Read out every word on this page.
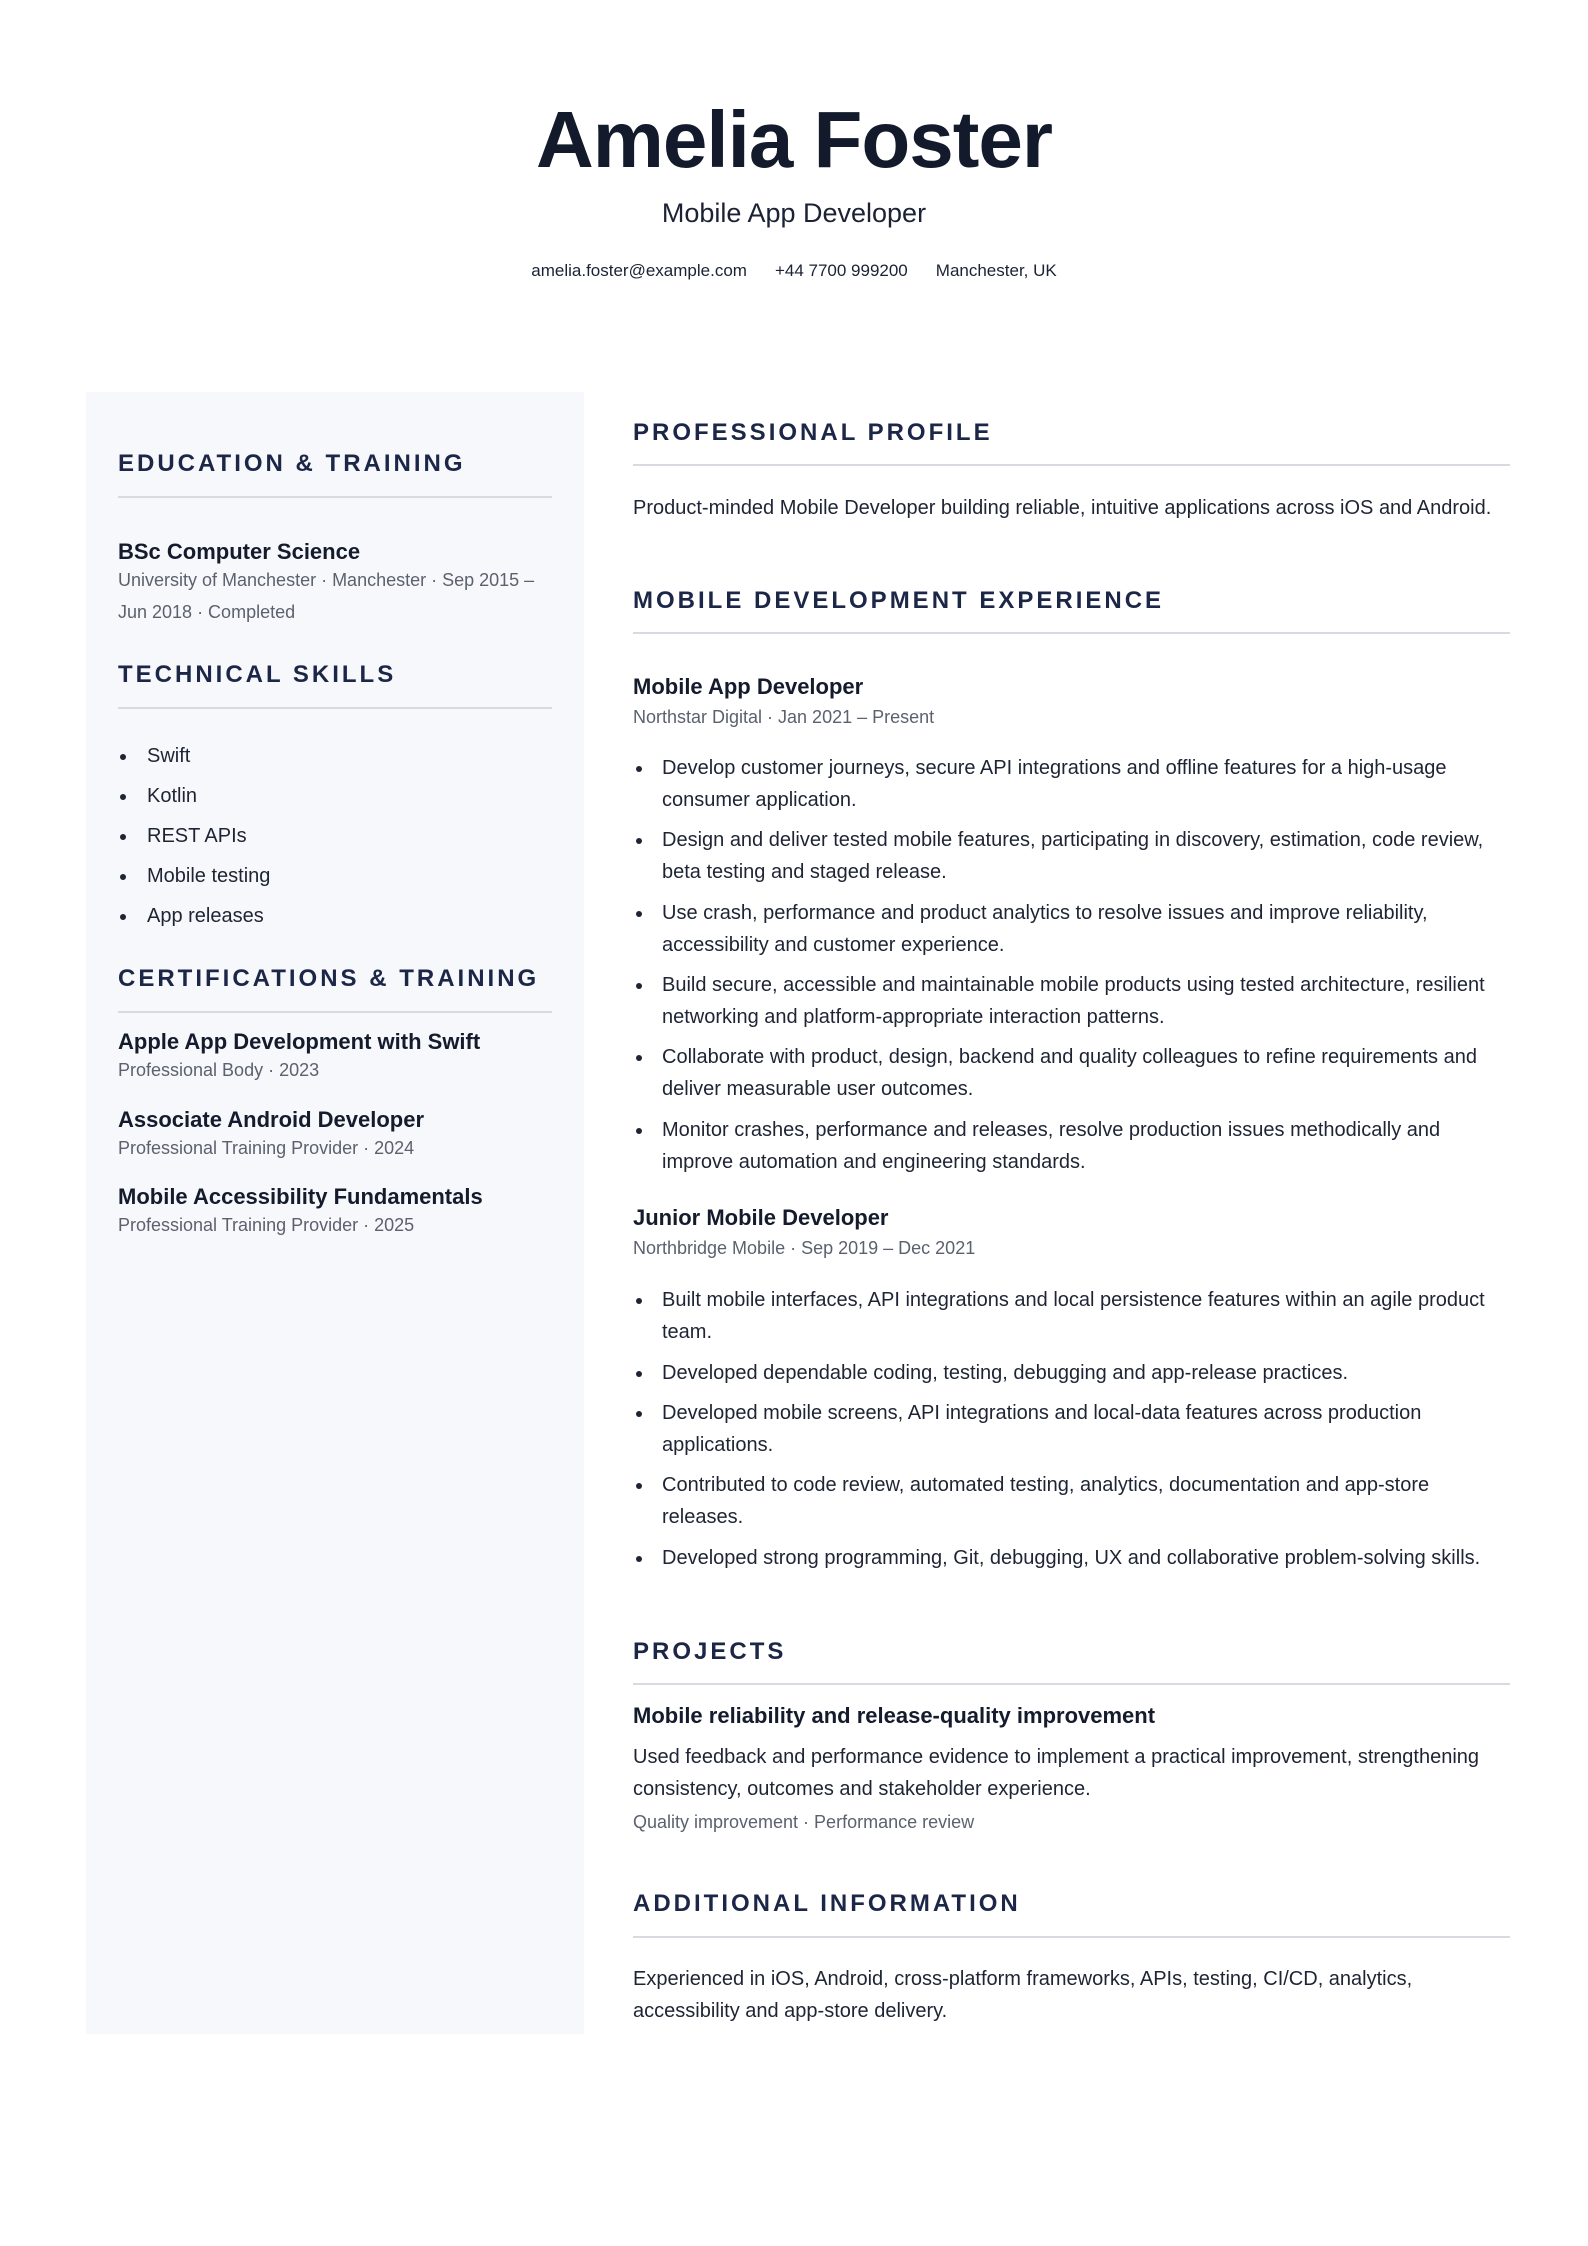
Amelia Foster
Mobile App Developer
amelia.foster@example.com +44 7700 999200 Manchester, UK
EDUCATION & TRAINING
BSc Computer Science
University of Manchester · Manchester · Sep 2015 – Jun 2018 · Completed
TECHNICAL SKILLS
Swift
Kotlin
REST APIs
Mobile testing
App releases
CERTIFICATIONS & TRAINING
Apple App Development with Swift
Professional Body · 2023
Associate Android Developer
Professional Training Provider · 2024
Mobile Accessibility Fundamentals
Professional Training Provider · 2025
PROFESSIONAL PROFILE
Product-minded Mobile Developer building reliable, intuitive applications across iOS and Android.
MOBILE DEVELOPMENT EXPERIENCE
Mobile App Developer
Northstar Digital · Jan 2021 – Present
Develop customer journeys, secure API integrations and offline features for a high-usage consumer application.
Design and deliver tested mobile features, participating in discovery, estimation, code review, beta testing and staged release.
Use crash, performance and product analytics to resolve issues and improve reliability, accessibility and customer experience.
Build secure, accessible and maintainable mobile products using tested architecture, resilient networking and platform-appropriate interaction patterns.
Collaborate with product, design, backend and quality colleagues to refine requirements and deliver measurable user outcomes.
Monitor crashes, performance and releases, resolve production issues methodically and improve automation and engineering standards.
Junior Mobile Developer
Northbridge Mobile · Sep 2019 – Dec 2021
Built mobile interfaces, API integrations and local persistence features within an agile product team.
Developed dependable coding, testing, debugging and app-release practices.
Developed mobile screens, API integrations and local-data features across production applications.
Contributed to code review, automated testing, analytics, documentation and app-store releases.
Developed strong programming, Git, debugging, UX and collaborative problem-solving skills.
PROJECTS
Mobile reliability and release-quality improvement
Used feedback and performance evidence to implement a practical improvement, strengthening consistency, outcomes and stakeholder experience.
Quality improvement · Performance review
ADDITIONAL INFORMATION
Experienced in iOS, Android, cross-platform frameworks, APIs, testing, CI/CD, analytics, accessibility and app-store delivery.
